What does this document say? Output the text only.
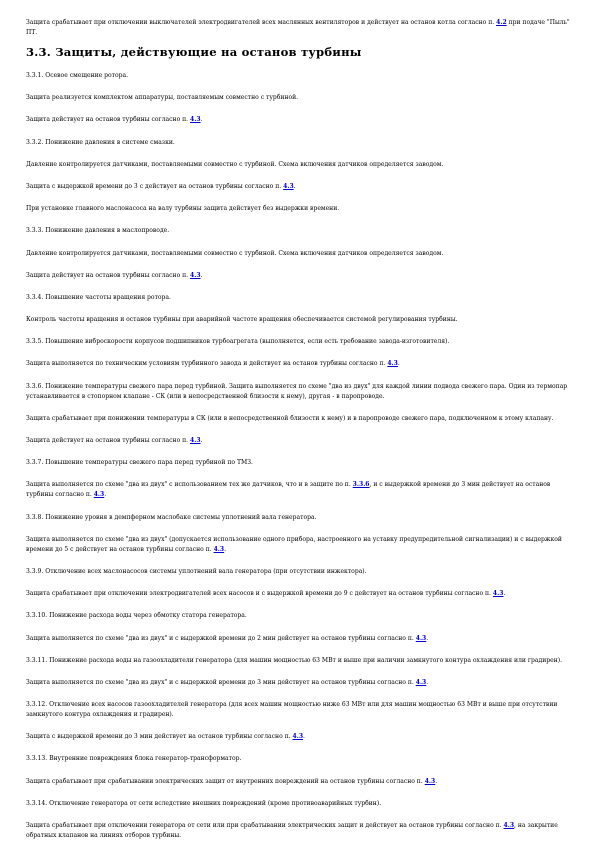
Защита срабатывает при отключении выключателей электродвигателей всех маслянных вентиляторов и действует на останов котла согласно п. 4.2 при подаче "Пыль" ПТ.

3.3. Защиты, действующие на останов турбины

3.3.1. Осевое смещение ротора.

Защита реализуется комплектом аппаратуры, поставляемым совместно с турбиной.

Защита действует на останов турбины согласно п. 4.3.

3.3.2. Понижение давления в системе смазки.

Давление контролируется датчиками, поставляемыми совместно с турбиной. Схема включения датчиков определяется заводом.

Защита с выдержкой времени до 3 с действует на останов турбины согласно п. 4.3.

При установке главного маслонасоса на валу турбины защита действует без выдержки времени.

3.3.3. Понижение давления в маслопроводе.

Давление контролируется датчиками, поставляемыми совместно с турбиной. Схема включения датчиков определяется заводом.

Защита действует на останов турбины согласно п. 4.3.

3.3.4. Повышение частоты вращения ротора.

Контроль частоты вращения и останов турбины при аварийной частоте вращения обеспечивается системой регулирования турбины.

3.3.5. Повышение виброскорости корпусов подшипников турбоагрегата (выполняется, если есть требование завода-изготовителя).

Защита выполняется по техническим условиям турбинного завода и действует на останов турбины согласно п. 4.3.

3.3.6. Понижение температуры свежего пара перед турбиной. Защита выполняется по схеме "два из двух" для каждой линии подвода свежего пара. Один из термопар устанавливается в стопорном клапане - СК (или в непосредственной близости к нему), другая - в паропроводе.

Защита срабатывает при понижении температуры в СК (или в непосредственной близости к нему) и в паропроводе свежего пара, подключенном к этому клапану.

Защита действует на останов турбины согласно п. 4.3.

3.3.7. Повышение температуры свежего пара перед турбиной по ТМЗ.

Защита выполняется по схеме "два из двух" с использованием тех же датчиков, что и в защите по п. 3.3.6, и с выдержкой времени до 3 мин действует на останов турбины согласно п. 4.3.

3.3.8. Понижение уровня в демпферном маслобаке системы уплотнений вала генератора.

Защита выполняется по схеме "два из двух" (допускается использование одного прибора, настроенного на уставку предупредительной сигнализации) и с выдержкой времени до 5 с действует на останов турбины согласно п. 4.3.

3.3.9. Отключение всех маслонасосов системы уплотнений вала генератора (при отсутствии инжектора).

Защита срабатывает при отключении электродвигателей всех насосов и с выдержкой времени до 9 с действует на останов турбины согласно п. 4.3.

3.3.10. Понижение расхода воды через обмотку статора генератора.

Защита выполняется по схеме "два из двух" и с выдержкой времени до 2 мин действует на останов турбины согласно п. 4.3.

3.3.11. Понижение расхода воды на газоохладители генератора (для машин мощностью 63 МВт и выше при наличии замкнутого контура охлаждения или градирен).

Защита выполняется по схеме "два из двух" и с выдержкой времени до 3 мин действует на останов турбины согласно п. 4.3.

3.3.12. Отключение всех насосов газоохладителей генератора (для всех машин мощностью ниже 63 МВт или для машин мощностью 63 МВт и выше при отсутствии замкнутого контура охлаждения и градирен).

Защита с выдержкой времени до 3 мин действует на останов турбины согласно п. 4.3.

3.3.13. Внутренние повреждения блока генератор-трансформатор.

Защита срабатывает при срабатывании электрических защит от внутренних повреждений на останов турбины согласно п. 4.3.

3.3.14. Отключение генератора от сети вследствие внешних повреждений (кроме противоаварийных турбин).

Защита срабатывает при отключении генератора от сети или при срабатывании электрических защит и действует на останов турбины согласно п. 4.3, на закрытие обратных клапанов на линиях отборов турбины.
